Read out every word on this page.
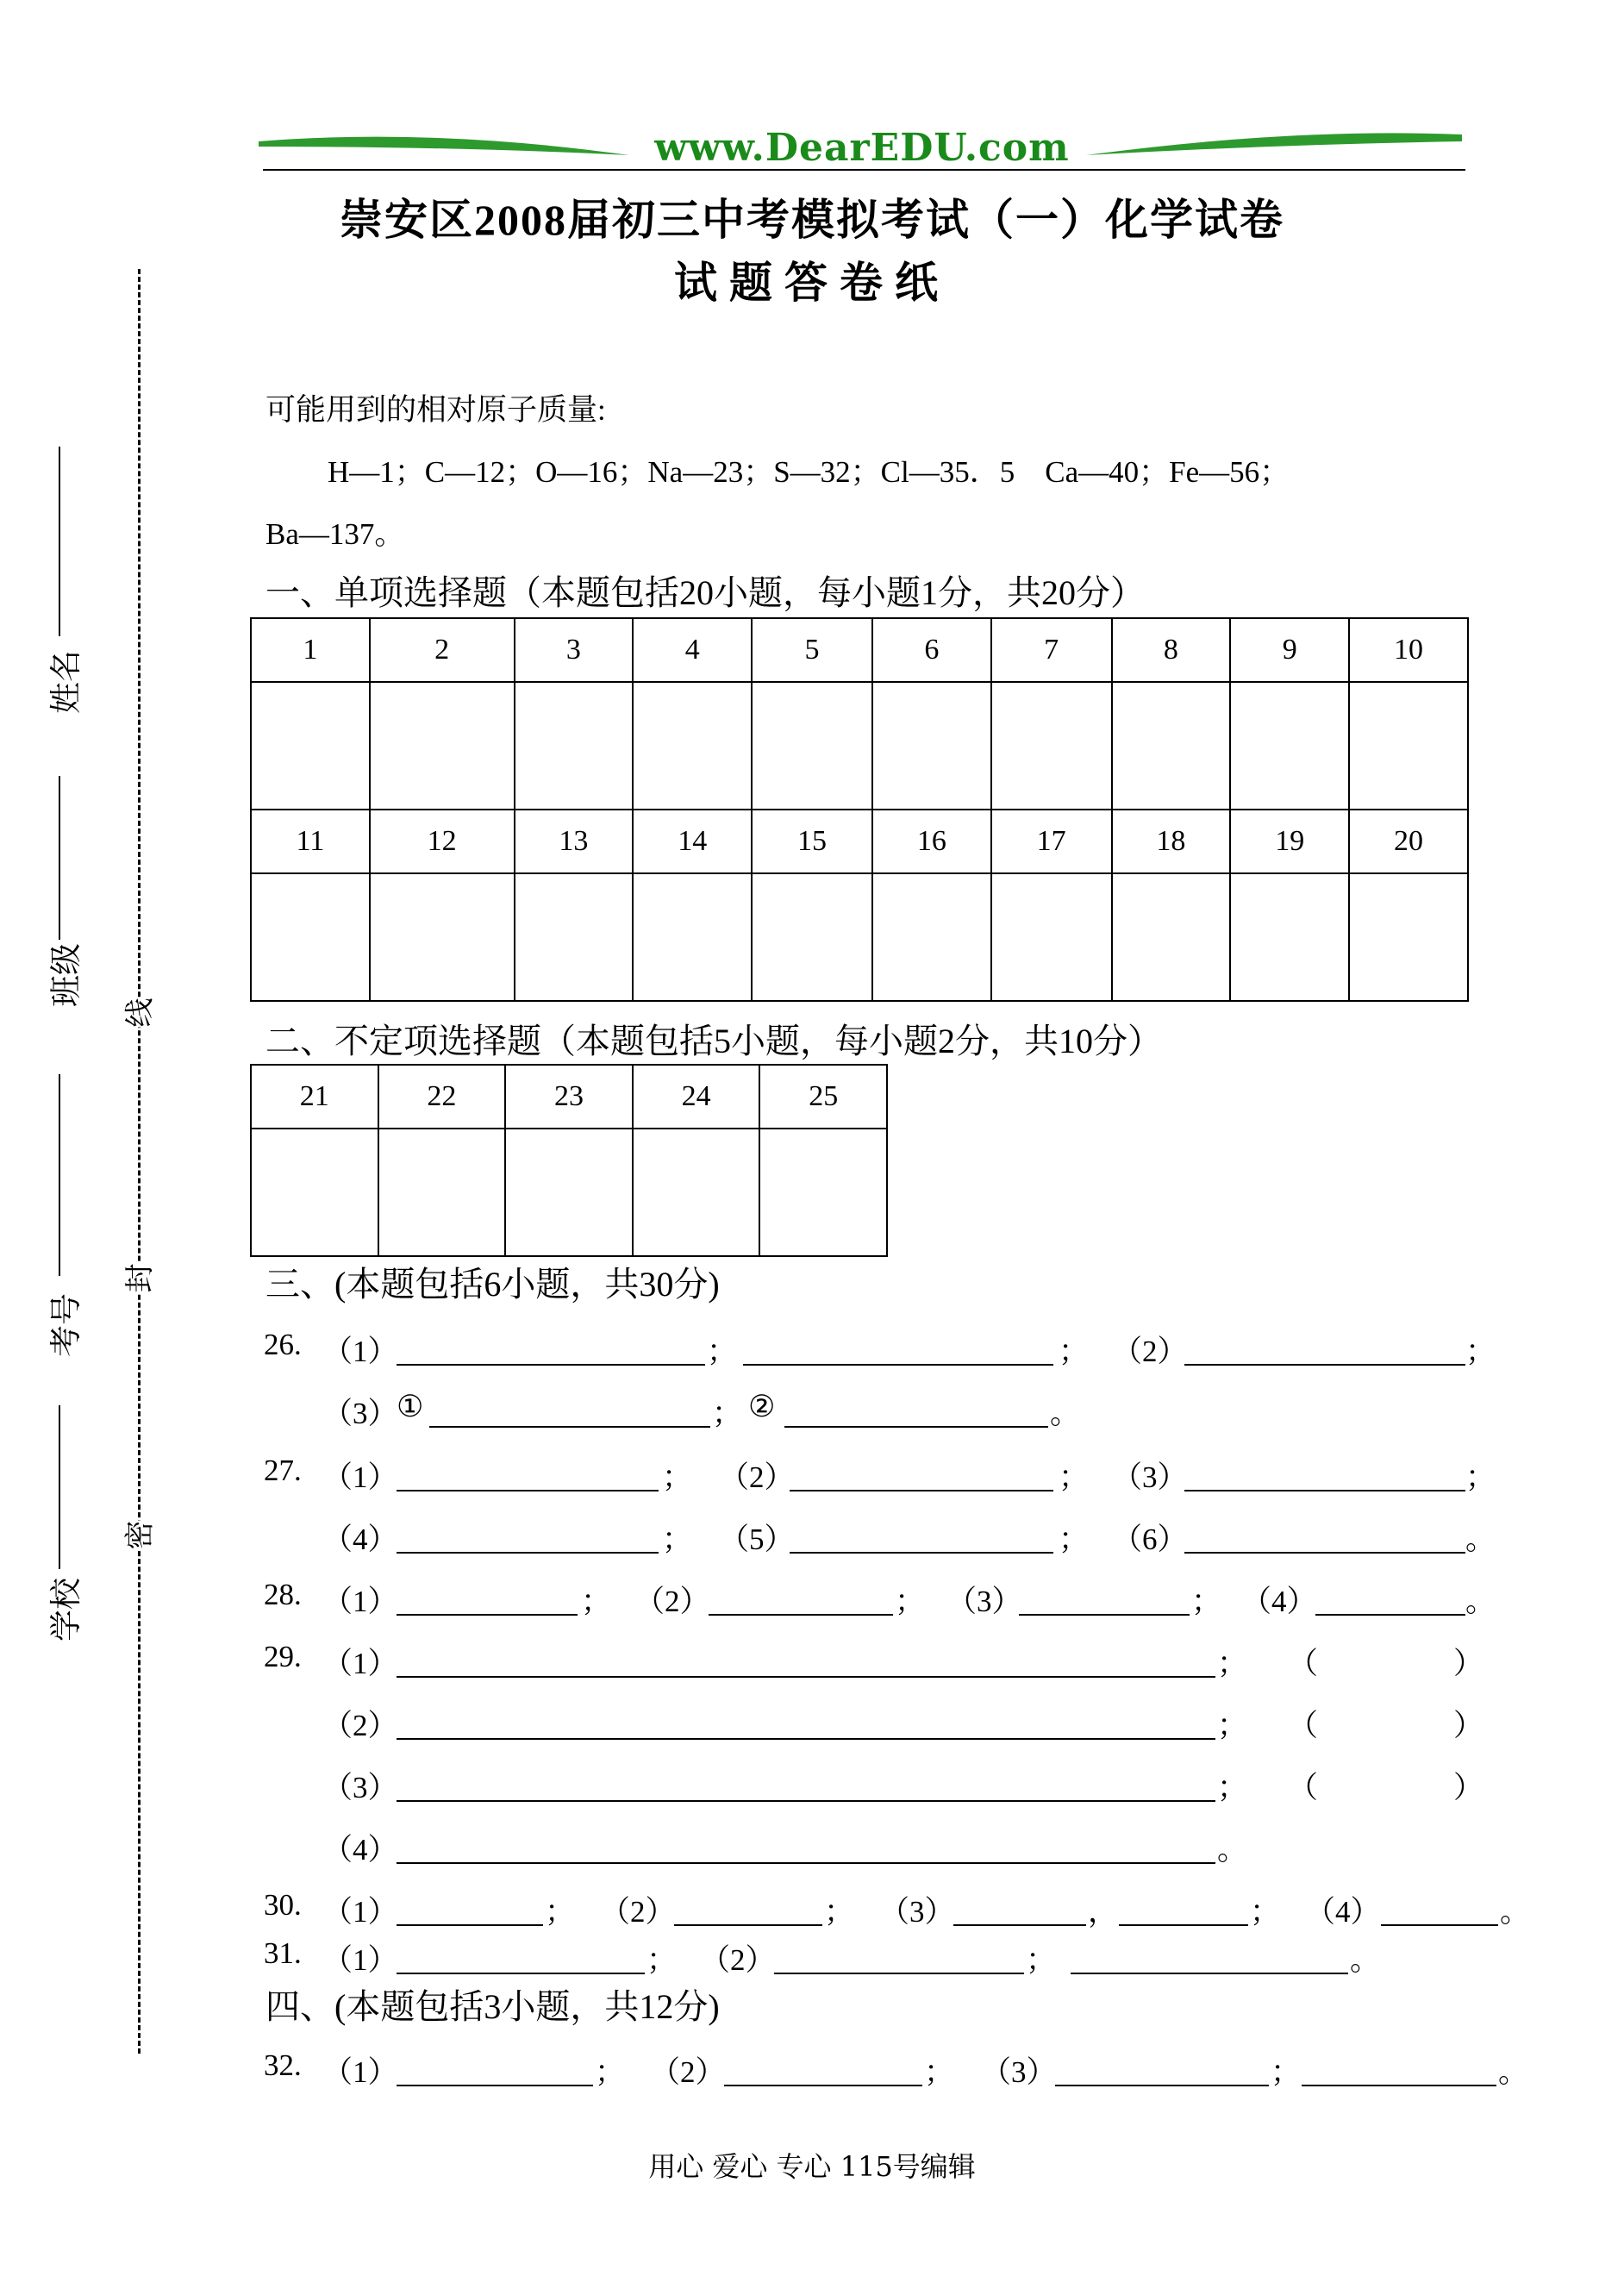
www.DearEDU.com
崇安区2008届初三中考模拟考试（一）化学试卷
试题答卷纸
可能用到的相对原子质量:
H—1；C—12；O—16；Na—23；S—32；Cl—35．5　Ca—40；Fe—56；
Ba—137。
一、单项选择题（本题包括20小题，每小题1分，共20分）
1	2	3	4	5	6	7	8	9	10

11	12	13	14	15	16	17	18	19	20

二、不定项选择题（本题包括5小题，每小题2分，共10分）
21	22	23	24	25

三、(本题包括6小题，共30分)
26. （1）	；	； （2）	；
（3）
①	； ②	。
27. （1）	； （2）	； （3）	；
（4）	； （5）	； （6）	。
28. （1）	； （2）	； （3）	； （4）	。
29. （1）	； （	）
（2）	； （	）
（3）	； （	）
（4）	。
30. （1）	； （2）	； （3）	，	； （4）	。
31. （1）	； （2）	；	。
四、(本题包括3小题，共12分)
32. （1）	； （2）	； （3）	；	。
线
封
密
姓名
班级
考号
学校
用心 爱心 专心 115号编辑
